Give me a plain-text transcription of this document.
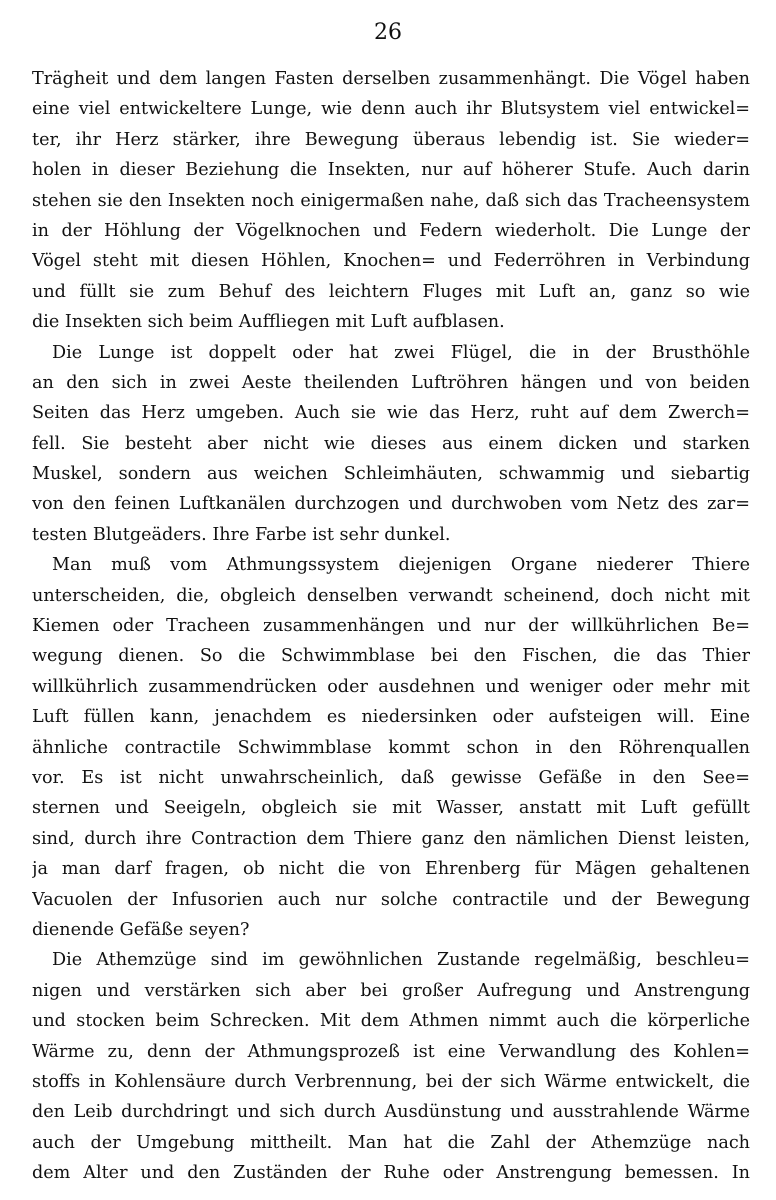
26
Trägheit und dem langen Fasten derselben zusammenhängt. Die Vögel haben
eine viel entwickeltere Lunge, wie denn auch ihr Blutsystem viel entwickel=
ter, ihr Herz stärker, ihre Bewegung überaus lebendig ist. Sie wieder=
holen in dieser Beziehung die Insekten, nur auf höherer Stufe. Auch darin
stehen sie den Insekten noch einigermaßen nahe, daß sich das Tracheensystem
in der Höhlung der Vögelknochen und Federn wiederholt. Die Lunge der
Vögel steht mit diesen Höhlen, Knochen= und Federröhren in Verbindung
und füllt sie zum Behuf des leichtern Fluges mit Luft an, ganz so wie
die Insekten sich beim Auffliegen mit Luft aufblasen.
Die Lunge ist doppelt oder hat zwei Flügel, die in der Brusthöhle
an den sich in zwei Aeste theilenden Luftröhren hängen und von beiden
Seiten das Herz umgeben. Auch sie wie das Herz, ruht auf dem Zwerch=
fell. Sie besteht aber nicht wie dieses aus einem dicken und starken
Muskel, sondern aus weichen Schleimhäuten, schwammig und siebartig
von den feinen Luftkanälen durchzogen und durchwoben vom Netz des zar=
testen Blutgeäders. Ihre Farbe ist sehr dunkel.
Man muß vom Athmungssystem diejenigen Organe niederer Thiere
unterscheiden, die, obgleich denselben verwandt scheinend, doch nicht mit
Kiemen oder Tracheen zusammenhängen und nur der willkührlichen Be=
wegung dienen. So die Schwimmblase bei den Fischen, die das Thier
willkührlich zusammendrücken oder ausdehnen und weniger oder mehr mit
Luft füllen kann, jenachdem es niedersinken oder aufsteigen will. Eine
ähnliche contractile Schwimmblase kommt schon in den Röhrenquallen
vor. Es ist nicht unwahrscheinlich, daß gewisse Gefäße in den See=
sternen und Seeigeln, obgleich sie mit Wasser, anstatt mit Luft gefüllt
sind, durch ihre Contraction dem Thiere ganz den nämlichen Dienst leisten,
ja man darf fragen, ob nicht die von Ehrenberg für Mägen gehaltenen
Vacuolen der Infusorien auch nur solche contractile und der Bewegung
dienende Gefäße seyen?
Die Athemzüge sind im gewöhnlichen Zustande regelmäßig, beschleu=
nigen und verstärken sich aber bei großer Aufregung und Anstrengung
und stocken beim Schrecken. Mit dem Athmen nimmt auch die körperliche
Wärme zu, denn der Athmungsprozeß ist eine Verwandlung des Kohlen=
stoffs in Kohlensäure durch Verbrennung, bei der sich Wärme entwickelt, die
den Leib durchdringt und sich durch Ausdünstung und ausstrahlende Wärme
auch der Umgebung mittheilt. Man hat die Zahl der Athemzüge nach
dem Alter und den Zuständen der Ruhe oder Anstrengung bemessen. In
